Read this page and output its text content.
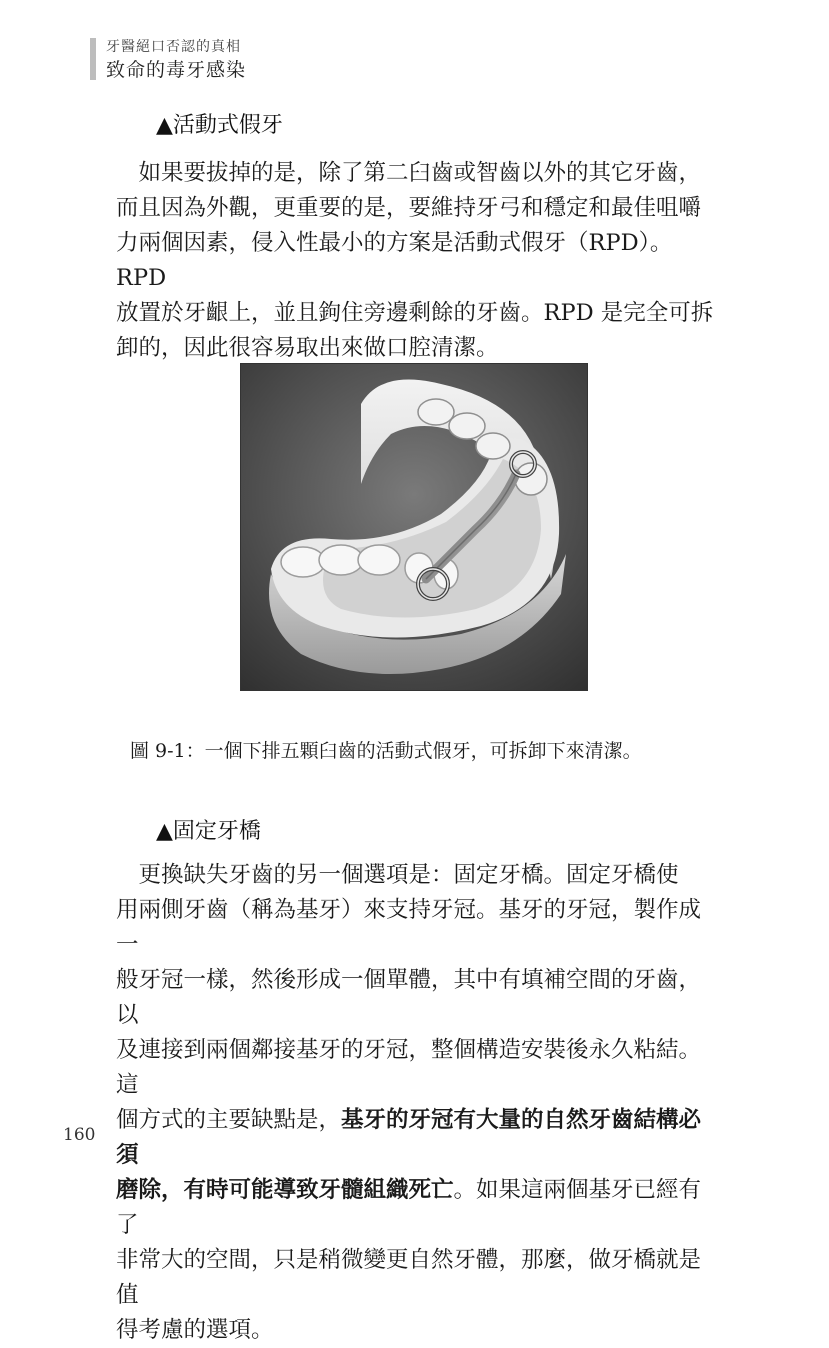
牙醫絕口否認的真相
致命的毒牙感染
▲活動式假牙

　如果要拔掉的是，除了第二臼齒或智齒以外的其它牙齒，

而且因為外觀，更重要的是，要維持牙弓和穩定和最佳咀嚼

力兩個因素，侵入性最小的方案是活動式假牙（RPD）。RPD

放置於牙齦上，並且鉤住旁邊剩餘的牙齒。RPD 是完全可拆

卸的，因此很容易取出來做口腔清潔。

圖 9-1：一個下排五顆臼齒的活動式假牙，可拆卸下來清潔。
▲固定牙橋

　更換缺失牙齒的另一個選項是：固定牙橋。固定牙橋使

用兩側牙齒（稱為基牙）來支持牙冠。基牙的牙冠，製作成一

般牙冠一樣，然後形成一個單體，其中有填補空間的牙齒，以

及連接到兩個鄰接基牙的牙冠，整個構造安裝後永久粘結。這

個方式的主要缺點是，基牙的牙冠有大量的自然牙齒結構必須

磨除，有時可能導致牙髓組織死亡。如果這兩個基牙已經有了

非常大的空間，只是稍微變更自然牙體，那麼，做牙橋就是值

得考慮的選項。

160
